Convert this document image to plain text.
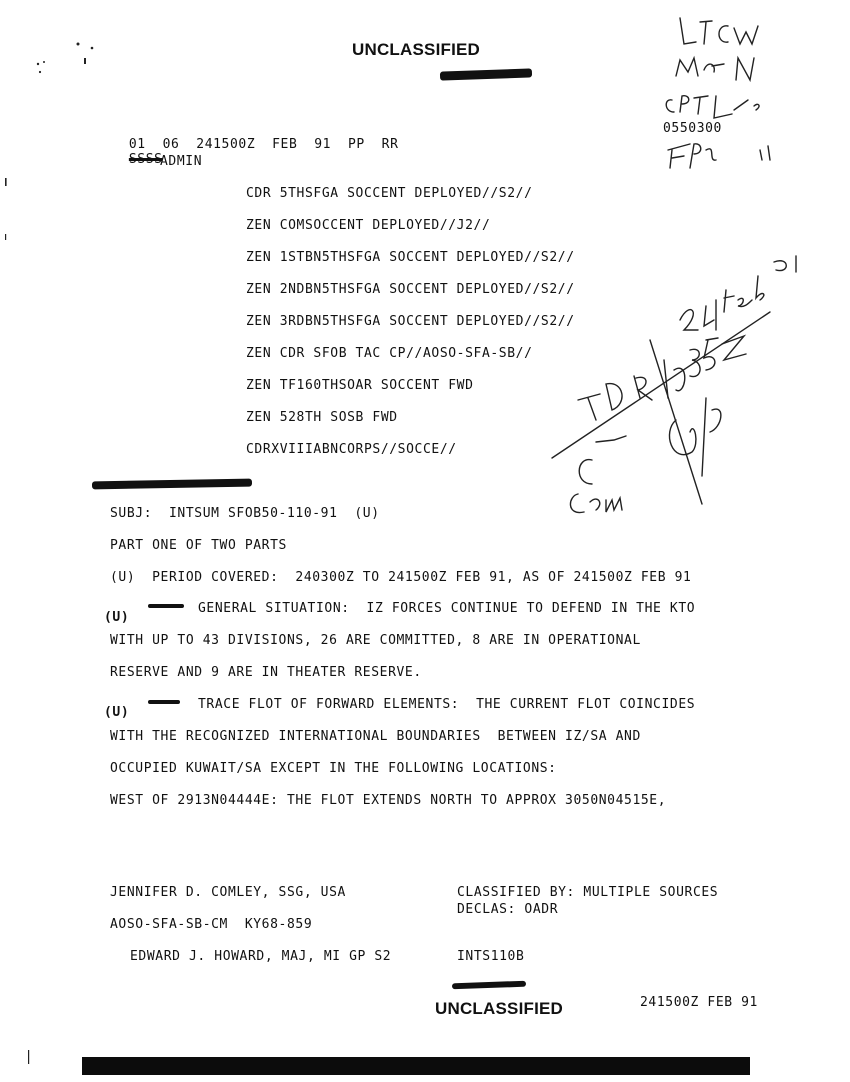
UNCLASSIFIED

01  06  241500Z  FEB  91  PP  RR
SSSS

0550300
ADMIN
CDR 5THSFGA SOCCENT DEPLOYED//S2//
ZEN COMSOCCENT DEPLOYED//J2//
ZEN 1STBN5THSFGA SOCCENT DEPLOYED//S2//
ZEN 2NDBN5THSFGA SOCCENT DEPLOYED//S2//
ZEN 3RDBN5THSFGA SOCCENT DEPLOYED//S2//
ZEN CDR SFOB TAC CP//AOSO-SFA-SB//
ZEN TF160THSOAR SOCCENT FWD
ZEN 528TH SOSB FWD
CDRXVIIIABNCORPS//SOCCE//
SUBJ:  INTSUM SFOB50-110-91  (U)
PART ONE OF TWO PARTS
(U)  PERIOD COVERED:  240300Z TO 241500Z FEB 91, AS OF 241500Z FEB 91
(U)
GENERAL SITUATION:  IZ FORCES CONTINUE TO DEFEND IN THE KTO
WITH UP TO 43 DIVISIONS, 26 ARE COMMITTED, 8 ARE IN OPERATIONAL
RESERVE AND 9 ARE IN THEATER RESERVE.
(U)
TRACE FLOT OF FORWARD ELEMENTS:  THE CURRENT FLOT COINCIDES
WITH THE RECOGNIZED INTERNATIONAL BOUNDARIES  BETWEEN IZ/SA AND
OCCUPIED KUWAIT/SA EXCEPT IN THE FOLLOWING LOCATIONS:
WEST OF 2913N04444E: THE FLOT EXTENDS NORTH TO APPROX 3050N04515E,
JENNIFER D. COMLEY, SSG, USA
AOSO-SFA-SB-CM  KY68-859
EDWARD J. HOWARD, MAJ, MI GP S2
CLASSIFIED BY: MULTIPLE SOURCES
DECLAS: OADR
INTS110B
UNCLASSIFIED	241500Z FEB 91
